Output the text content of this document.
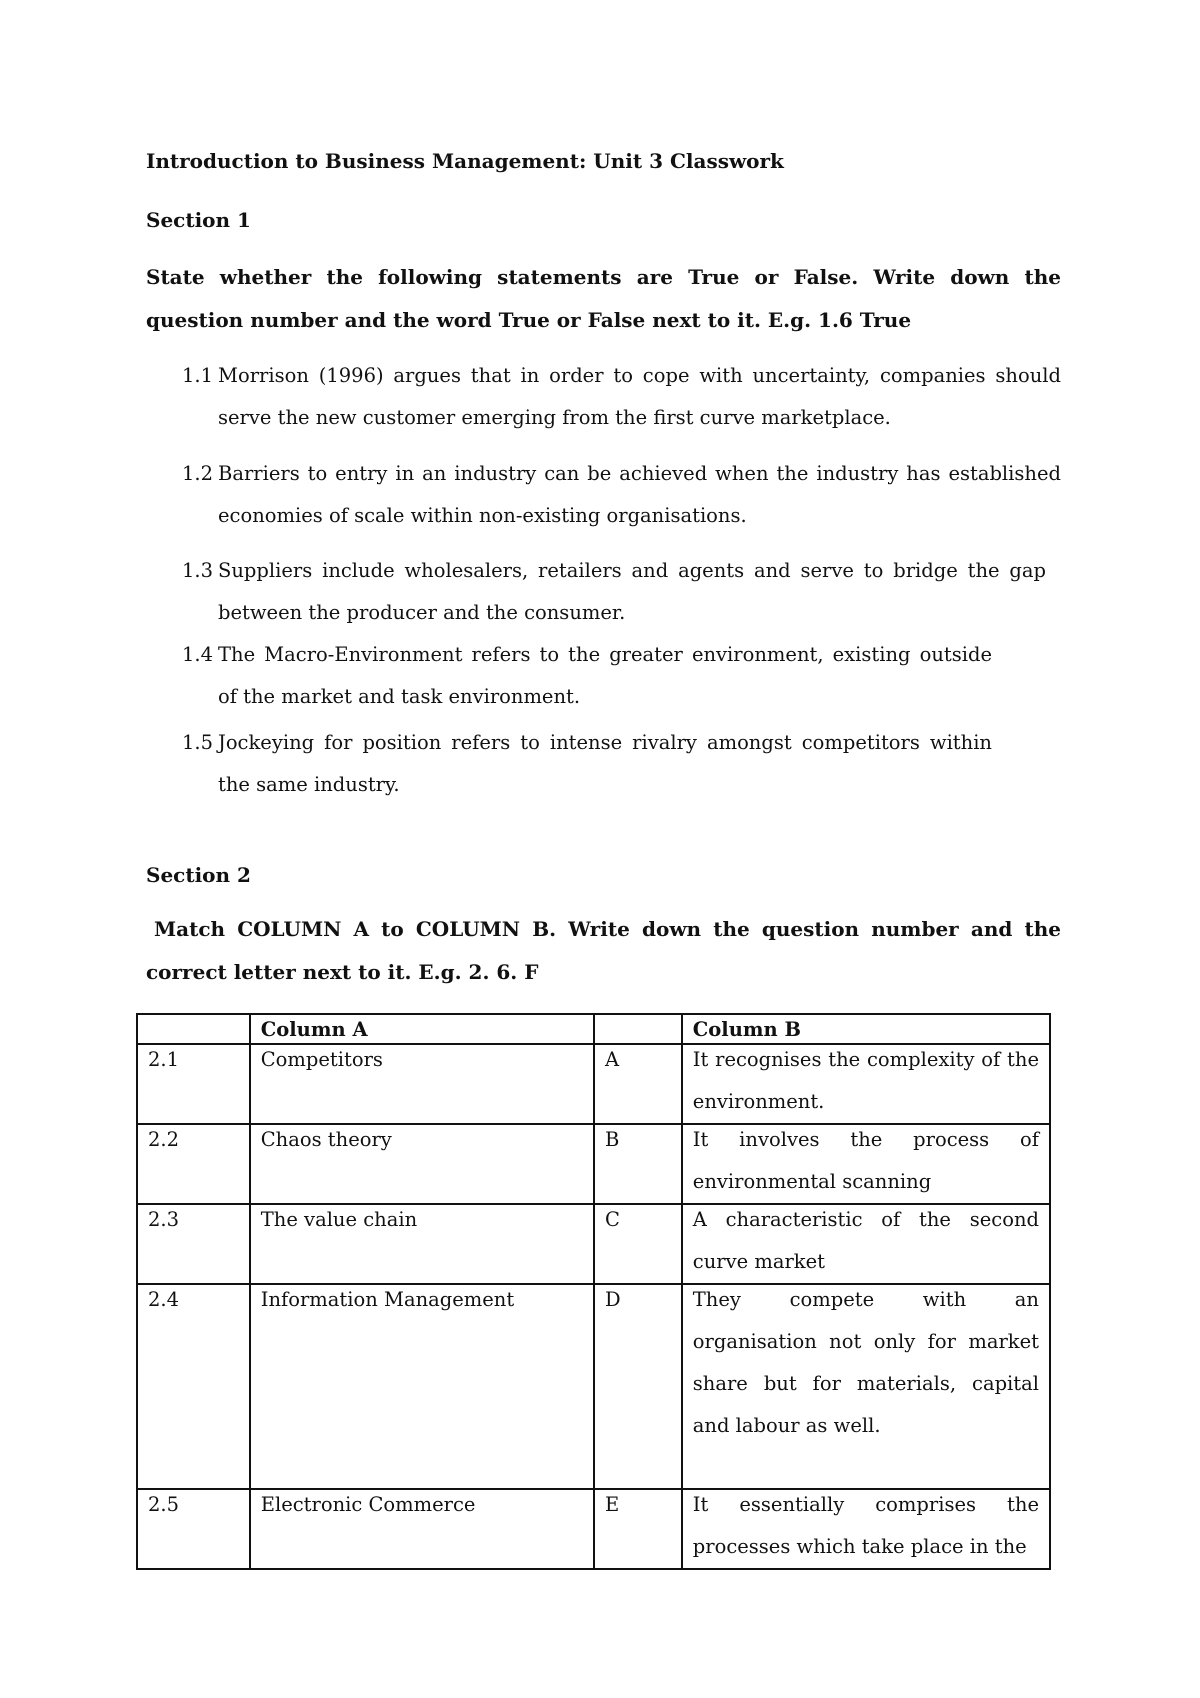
Introduction to Business Management: Unit 3 Classwork
Section 1
State whether the following statements are True or False. Write down the question number and the word True or False next to it. E.g. 1.6 True
1.1 Morrison (1996) argues that in order to cope with uncertainty, companies should serve the new customer emerging from the first curve marketplace.
1.2 Barriers to entry in an industry can be achieved when the industry has established economies of scale within non-existing organisations.
1.3 Suppliers include wholesalers, retailers and agents and serve to bridge the gap between the producer and the consumer.
1.4 The Macro-Environment refers to the greater environment, existing outside of the market and task environment.
1.5 Jockeying for position refers to intense rivalry amongst competitors within the same industry.
Section 2
Match COLUMN A to COLUMN B. Write down the question number and the correct letter next to it. E.g. 2. 6. F
	Column A		Column B
2.1	Competitors	A	It recognises the complexity of the environment.

2.2	Chaos theory	B	It involves the process of environmental scanning

2.3	The value chain	C	A characteristic of the second curve market

2.4	Information Management	D	They compete with an organisation not only for market share but for materials, capital and labour as well.

2.5	Electronic Commerce	E	It essentially comprises the processes which take place in the
